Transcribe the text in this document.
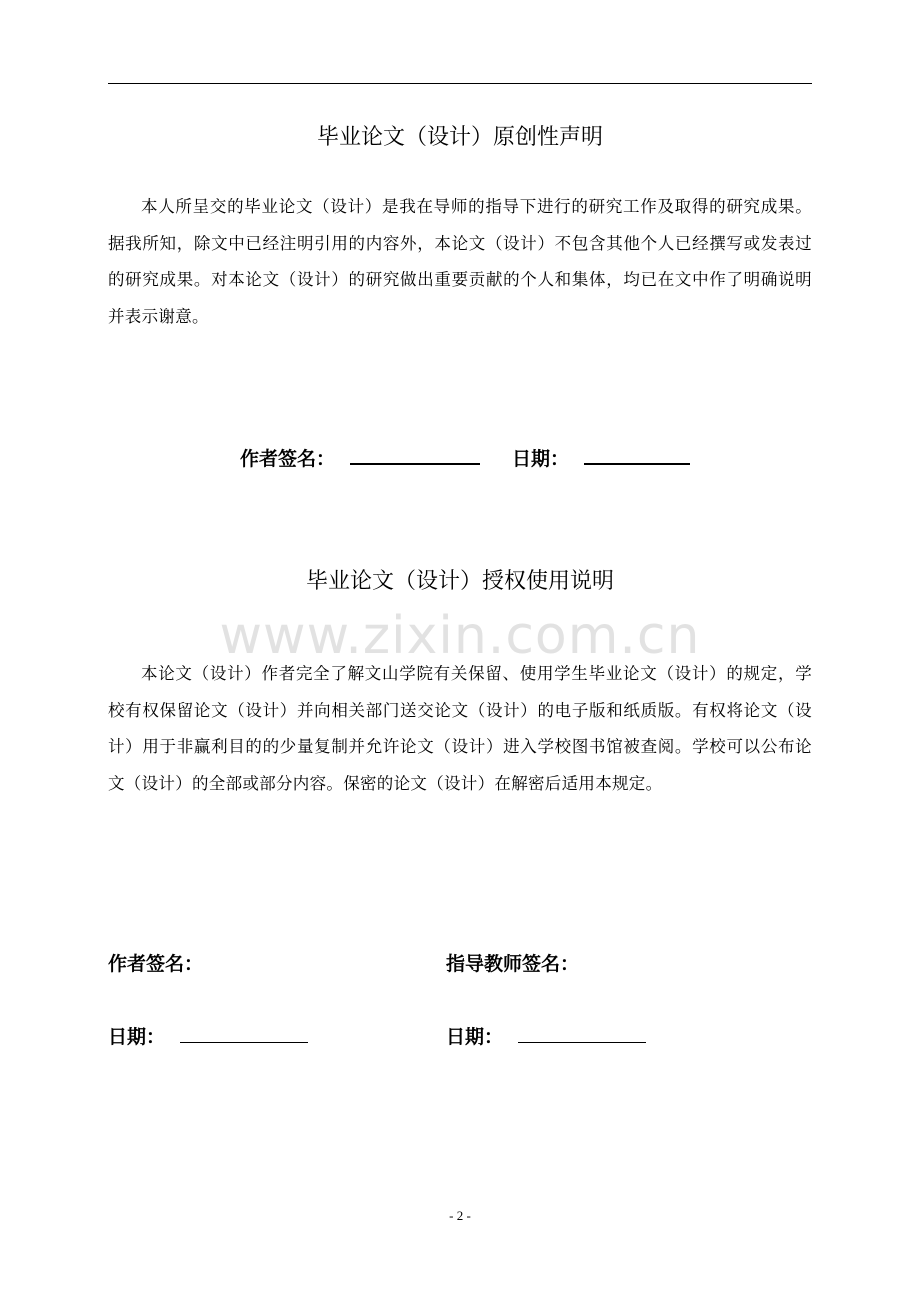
毕业论文（设计）原创性声明

本人所呈交的毕业论文（设计）是我在导师的指导下进行的研究工作及取得的研究成果。据我所知，除文中已经注明引用的内容外，本论文（设计）不包含其他个人已经撰写或发表过的研究成果。对本论文（设计）的研究做出重要贡献的个人和集体，均已在文中作了明确说明并表示谢意。

作者签名：	日期：
毕业论文（设计）授权使用说明
www.zixin.com.cn

本论文（设计）作者完全了解文山学院有关保留、使用学生毕业论文（设计）的规定，学校有权保留论文（设计）并向相关部门送交论文（设计）的电子版和纸质版。有权将论文（设计）用于非赢利目的的少量复制并允许论文（设计）进入学校图书馆被查阅。学校可以公布论文（设计）的全部或部分内容。保密的论文（设计）在解密后适用本规定。

作者签名：	指导教师签名：
日期：	日期：
- 2 -
